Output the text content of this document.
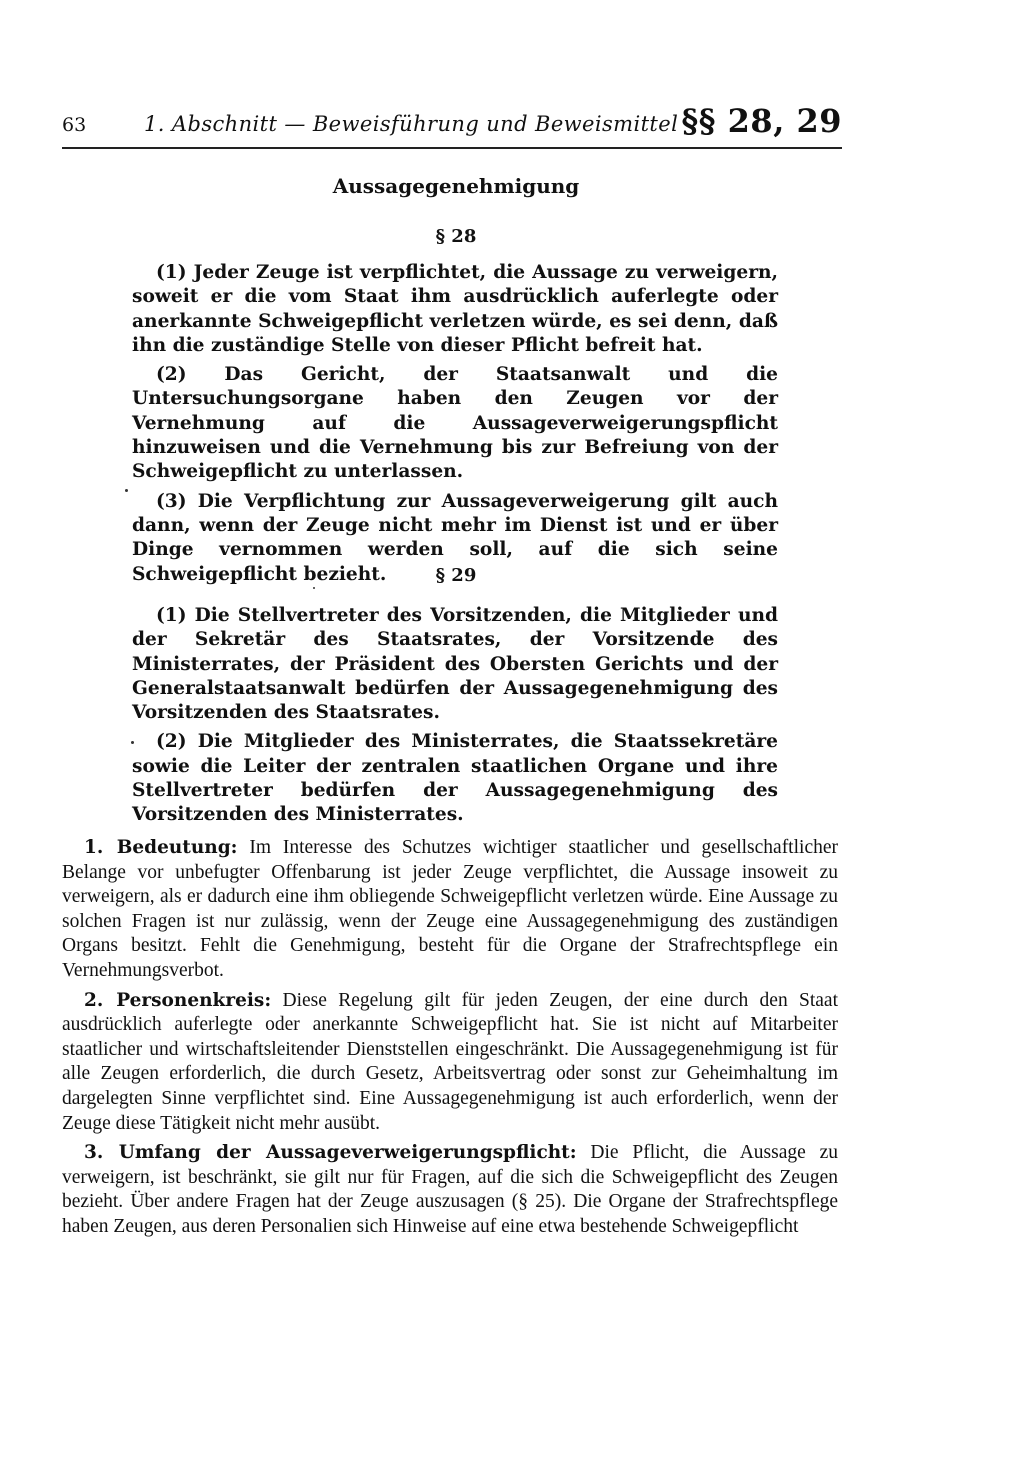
63	1. Abschnitt — Beweisführung und Beweismittel §§ 28, 29
Aussagegenehmigung
§ 28

(1) Jeder Zeuge ist verpflichtet, die Aussage zu verweigern, soweit er die vom Staat ihm ausdrücklich auferlegte oder anerkannte Schweigepflicht verletzen würde, es sei denn, daß ihn die zuständige Stelle von dieser Pflicht befreit hat.

(2) Das Gericht, der Staatsanwalt und die Untersuchungsorgane haben den Zeugen vor der Vernehmung auf die Aussageverweigerungspflicht hinzuweisen und die Vernehmung bis zur Befreiung von der Schweigepflicht zu unterlassen.

(3) Die Verpflichtung zur Aussageverweigerung gilt auch dann, wenn der Zeuge nicht mehr im Dienst ist und er über Dinge vernommen werden soll, auf die sich seine Schweigepflicht bezieht.	§ 29

(1) Die Stellvertreter des Vorsitzenden, die Mitglieder und der Sekretär des Staatsrates, der Vorsitzende des Ministerrates, der Präsident des Obersten Gerichts und der Generalstaatsanwalt bedürfen der Aussagegenehmigung des Vorsitzenden des Staatsrates.

(2) Die Mitglieder des Ministerrates, die Staatssekretäre sowie die Leiter der zentralen staatlichen Organe und ihre Stellvertreter bedürfen der Aussagegenehmigung des Vorsitzenden des Ministerrates.

1. Bedeutung: Im Interesse des Schutzes wichtiger staatlicher und gesellschaftlicher Belange vor unbefugter Offenbarung ist jeder Zeuge verpflichtet, die Aussage insoweit zu verweigern, als er dadurch eine ihm obliegende Schweigepflicht verletzen würde. Eine Aussage zu solchen Fragen ist nur zulässig, wenn der Zeuge eine Aussagegenehmigung des zuständigen Organs besitzt. Fehlt die Genehmigung, besteht für die Organe der Strafrechtspflege ein Vernehmungsverbot.

2. Personenkreis: Diese Regelung gilt für jeden Zeugen, der eine durch den Staat ausdrücklich auferlegte oder anerkannte Schweigepflicht hat. Sie ist nicht auf Mitarbeiter staatlicher und wirtschaftsleitender Dienststellen eingeschränkt. Die Aussagegenehmigung ist für alle Zeugen erforderlich, die durch Gesetz, Arbeitsvertrag oder sonst zur Geheimhaltung im dargelegten Sinne verpflichtet sind. Eine Aussagegenehmigung ist auch erforderlich, wenn der Zeuge diese Tätigkeit nicht mehr ausübt.

3. Umfang der Aussageverweigerungspflicht: Die Pflicht, die Aussage zu verweigern, ist beschränkt, sie gilt nur für Fragen, auf die sich die Schweigepflicht des Zeugen bezieht. Über andere Fragen hat der Zeuge auszusagen (§ 25). Die Organe der Strafrechtspflege haben Zeugen, aus deren Personalien sich Hinweise auf eine etwa bestehende Schweigepflicht
